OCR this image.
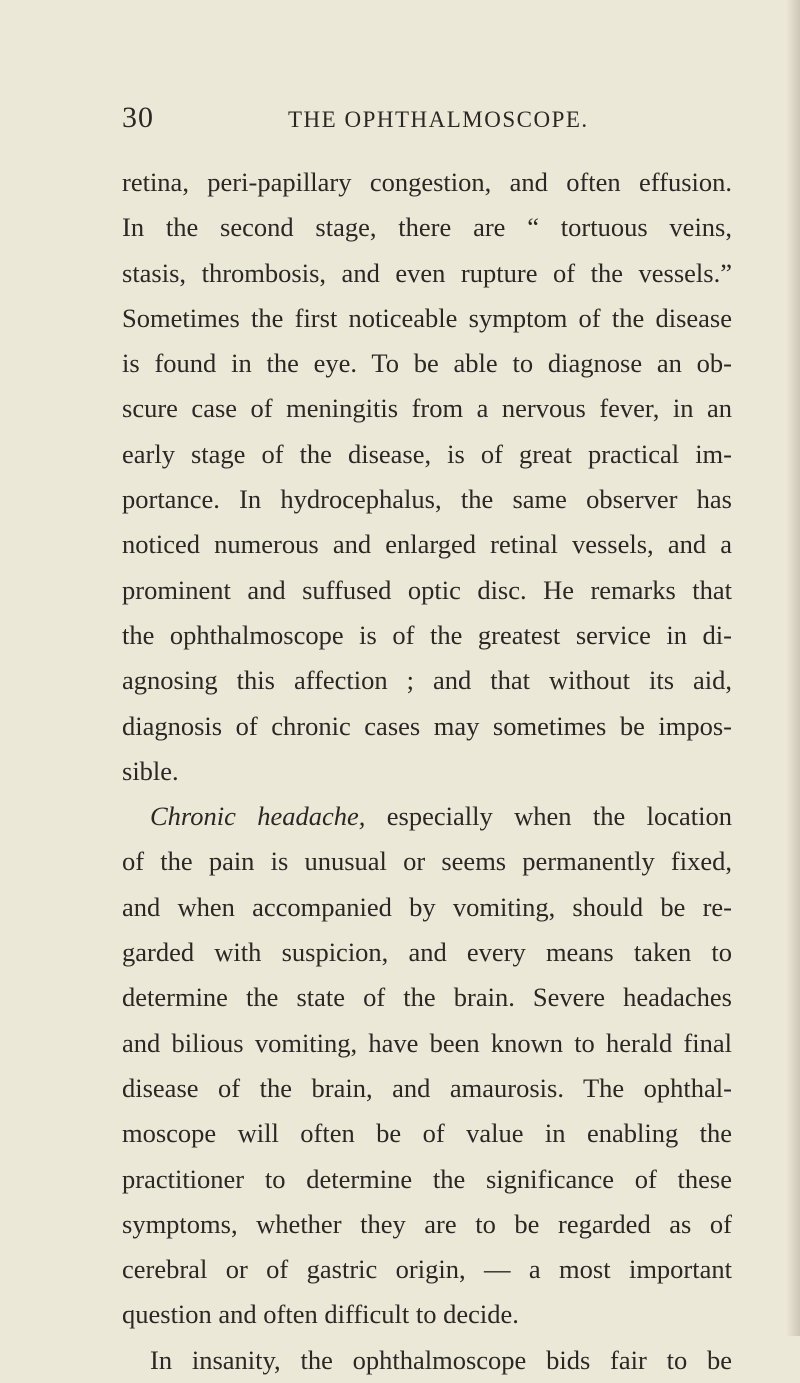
30	THE OPHTHALMOSCOPE.
retina, peri-papillary congestion, and often effusion.
In the second stage, there are “ tortuous veins,
stasis, thrombosis, and even rupture of the vessels.”
Sometimes the first noticeable symptom of the disease
is found in the eye. To be able to diagnose an ob-
scure case of meningitis from a nervous fever, in an
early stage of the disease, is of great practical im-
portance. In hydrocephalus, the same observer has
noticed numerous and enlarged retinal vessels, and a
prominent and suffused optic disc. He remarks that
the ophthalmoscope is of the greatest service in di-
agnosing this affection ; and that without its aid,
diagnosis of chronic cases may sometimes be impos-
sible.
Chronic headache, especially when the location
of the pain is unusual or seems permanently fixed,
and when accompanied by vomiting, should be re-
garded with suspicion, and every means taken to
determine the state of the brain. Severe headaches
and bilious vomiting, have been known to herald final
disease of the brain, and amaurosis. The ophthal-
moscope will often be of value in enabling the
practitioner to determine the significance of these
symptoms, whether they are to be regarded as of
cerebral or of gastric origin, — a most important
question and often difficult to decide.
In insanity, the ophthalmoscope bids fair to be
